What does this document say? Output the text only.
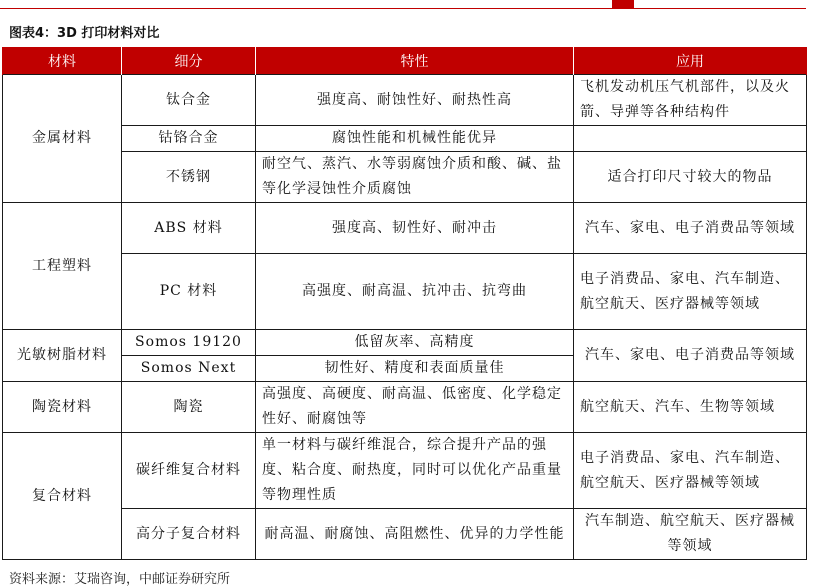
图表4：3D 打印材料对比
材料	细分	特性	应用
金属材料	钛合金	强度高、耐蚀性好、耐热性高	飞机发动机压气机部件，以及火箭、导弹等各种结构件
	钴铬合金	腐蚀性能和机械性能优异	
	不锈钢	耐空气、蒸汽、水等弱腐蚀介质和酸、碱、盐等化学浸蚀性介质腐蚀	适合打印尺寸较大的物品
工程塑料	ABS 材料	强度高、韧性好、耐冲击	汽车、家电、电子消费品等领域
	PC 材料	高强度、耐高温、抗冲击、抗弯曲	电子消费品、家电、汽车制造、航空航天、医疗器械等领域
光敏树脂材料	Somos 19120	低留灰率、高精度	汽车、家电、电子消费品等领域
	Somos Next	韧性好、精度和表面质量佳	
陶瓷材料	陶瓷	高强度、高硬度、耐高温、低密度、化学稳定性好、耐腐蚀等	航空航天、汽车、生物等领域
复合材料	碳纤维复合材料	单一材料与碳纤维混合，综合提升产品的强度、粘合度、耐热度，同时可以优化产品重量等物理性质	电子消费品、家电、汽车制造、航空航天、医疗器械等领域
	高分子复合材料	耐高温、耐腐蚀、高阻燃性、优异的力学性能	汽车制造、航空航天、医疗器械等领域
资料来源：艾瑞咨询，中邮证券研究所
